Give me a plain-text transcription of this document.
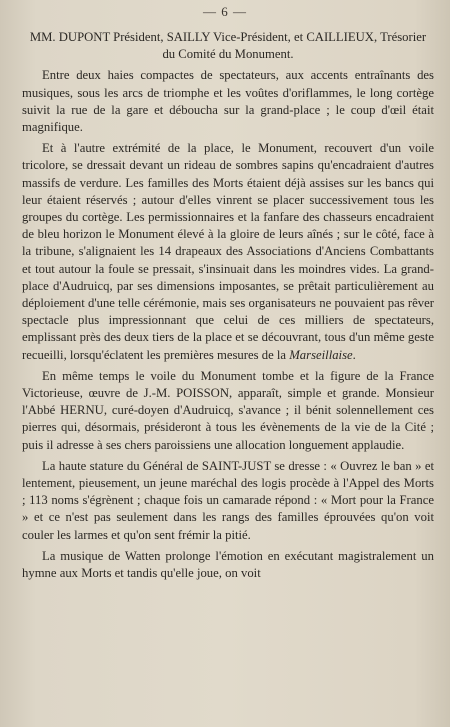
— 6 —

MM. DUPONT Président, SAILLY Vice-Président, et CAILLIEUX, Trésorier du Comité du Monument.

Entre deux haies compactes de spectateurs, aux accents entraînants des musiques, sous les arcs de triomphe et les voûtes d'oriflammes, le long cortège suivit la rue de la gare et déboucha sur la grand-place ; le coup d'œil était magnifique.

Et à l'autre extrémité de la place, le Monument, recouvert d'un voile tricolore, se dressait devant un rideau de sombres sapins qu'encadraient d'autres massifs de verdure. Les familles des Morts étaient déjà assises sur les bancs qui leur étaient réservés ; autour d'elles vinrent se placer successivement tous les groupes du cortège. Les permissionnaires et la fanfare des chasseurs encadraient de bleu horizon le Monument élevé à la gloire de leurs aînés ; sur le côté, face à la tribune, s'alignaient les 14 drapeaux des Associations d'Anciens Combattants et tout autour la foule se pressait, s'insinuait dans les moindres vides. La grand-place d'Audruicq, par ses dimensions imposantes, se prêtait particulièrement au déploiement d'une telle cérémonie, mais ses organisateurs ne pouvaient pas rêver spectacle plus impressionnant que celui de ces milliers de spectateurs, emplissant près des deux tiers de la place et se découvrant, tous d'un même geste recueilli, lorsqu'éclatent les premières mesures de la Marseillaise.

En même temps le voile du Monument tombe et la figure de la France Victorieuse, œuvre de J.-M. POISSON, apparaît, simple et grande. Monsieur l'Abbé HERNU, curé-doyen d'Audruicq, s'avance ; il bénit solennellement ces pierres qui, désormais, présideront à tous les évènements de la vie de la Cité ; puis il adresse à ses chers paroissiens une allocation longuement applaudie.

La haute stature du Général de SAINT-JUST se dresse : « Ouvrez le ban » et lentement, pieusement, un jeune maréchal des logis procède à l'Appel des Morts ; 113 noms s'égrènent ; chaque fois un camarade répond : « Mort pour la France » et ce n'est pas seulement dans les rangs des familles éprouvées qu'on voit couler les larmes et qu'on sent frémir la pitié.

La musique de Watten prolonge l'émotion en exécutant magistralement un hymne aux Morts et tandis qu'elle joue, on voit
